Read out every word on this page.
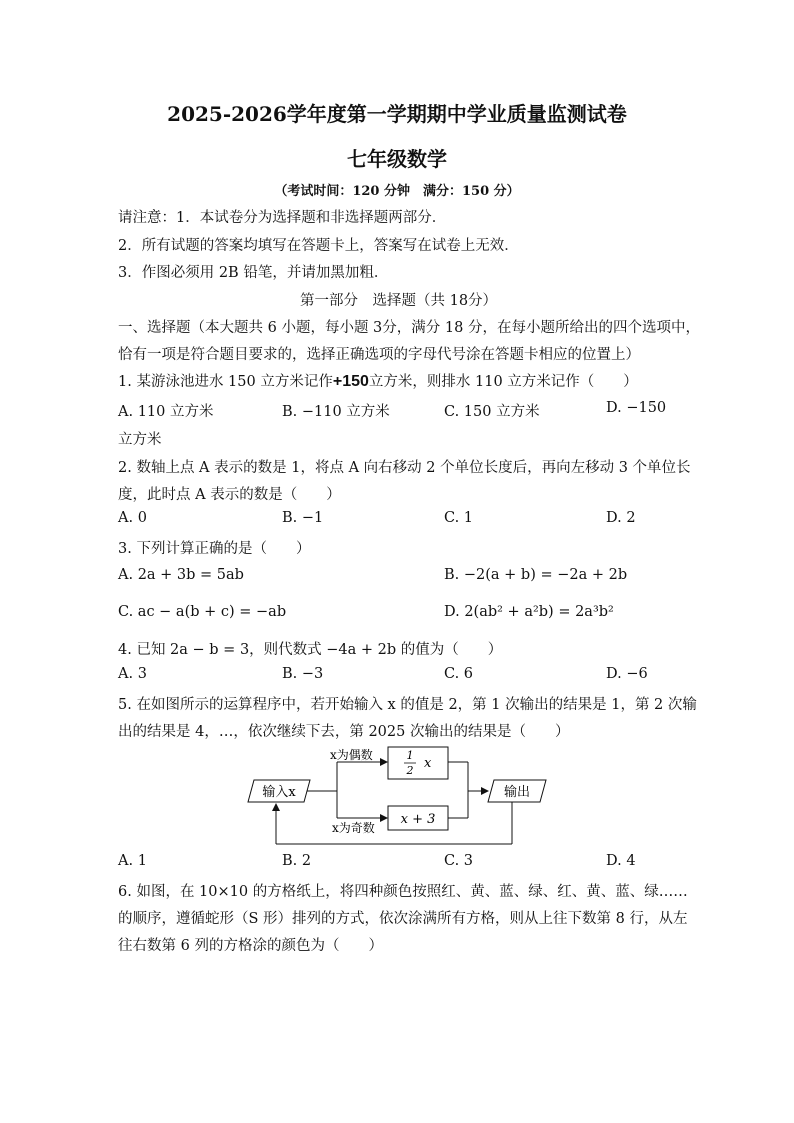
2025-2026学年度第一学期期中学业质量监测试卷
七年级数学
（考试时间：120 分钟　满分：150 分）
请注意：1．本试卷分为选择题和非选择题两部分．
2．所有试题的答案均填写在答题卡上，答案写在试卷上无效．
3．作图必须用 2B 铅笔，并请加黑加粗．
第一部分　选择题（共 18分）
一、选择题（本大题共 6 小题，每小题 3分，满分 18 分，在每小题所给出的四个选项中，
恰有一项是符合题目要求的，选择正确选项的字母代号涂在答题卡相应的位置上）
1. 某游泳池进水 150 立方米记作+150立方米，则排水 110 立方米记作（　　）
A. 110 立方米	B. −110 立方米	C. 150 立方米	D. −150
立方米
2. 数轴上点 A 表示的数是 1，将点 A 向右移动 2 个单位长度后，再向左移动 3 个单位长
度，此时点 A 表示的数是（　　）
A. 0	B. −1	C. 1	D. 2
3. 下列计算正确的是（　　）
A. 2a + 3b = 5ab	B. −2(a + b) = −2a + 2b
C. ac − a(b + c) = −ab	D. 2(ab² + a²b) = 2a³b²
4. 已知 2a − b = 3，则代数式 −4a + 2b 的值为（　　）
A. 3	B. −3	C. 6	D. −6
5. 在如图所示的运算程序中，若开始输入 x 的值是 2，第 1 次输出的结果是 1，第 2 次输
出的结果是 4，…，依次继续下去，第 2025 次输出的结果是（　　）
输入x
x为偶数
x为奇数
1
2 x
x + 3
输出
A. 1	B. 2	C. 3	D. 4
6. 如图，在 10×10 的方格纸上，将四种颜色按照红、黄、蓝、绿、红、黄、蓝、绿……
的顺序，遵循蛇形（S 形）排列的方式，依次涂满所有方格，则从上往下数第 8 行，从左
往右数第 6 列的方格涂的颜色为（　　）
